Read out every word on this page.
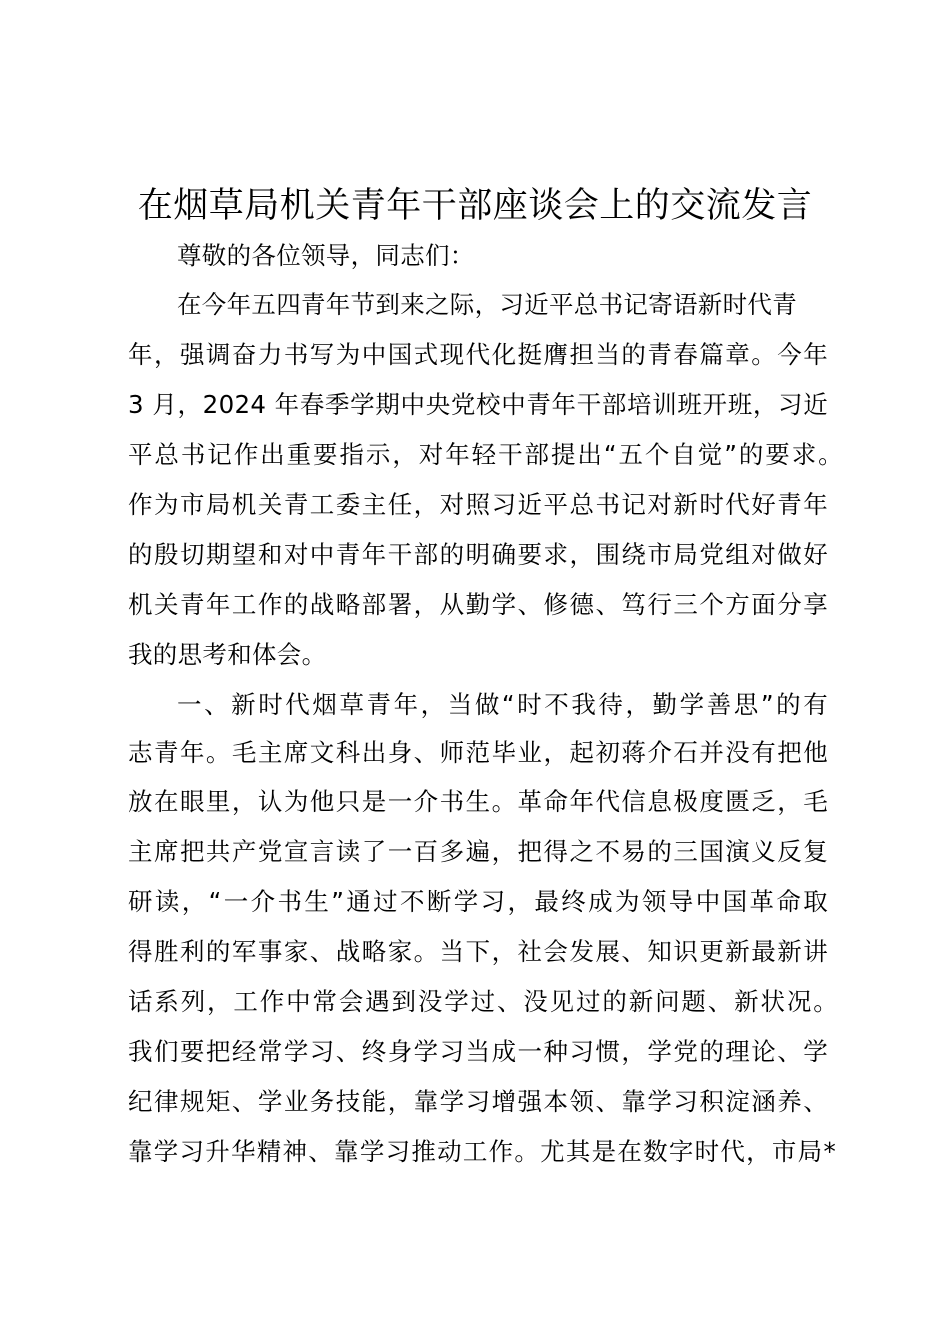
在烟草局机关青年干部座谈会上的交流发言
尊敬的各位领导，同志们：
在今年五四青年节到来之际，习近平总书记寄语新时代青
年，强调奋力书写为中国式现代化挺膺担当的青春篇章。今年
3 月，2024 年春季学期中央党校中青年干部培训班开班，习近
平总书记作出重要指示，对年轻干部提出“五个自觉”的要求。
作为市局机关青工委主任，对照习近平总书记对新时代好青年
的殷切期望和对中青年干部的明确要求，围绕市局党组对做好
机关青年工作的战略部署，从勤学、修德、笃行三个方面分享
我的思考和体会。
一、新时代烟草青年，当做“时不我待，勤学善思”的有
志青年。毛主席文科出身、师范毕业，起初蒋介石并没有把他
放在眼里，认为他只是一介书生。革命年代信息极度匮乏，毛
主席把共产党宣言读了一百多遍，把得之不易的三国演义反复
研读，“一介书生”通过不断学习，最终成为领导中国革命取
得胜利的军事家、战略家。当下，社会发展、知识更新最新讲
话系列，工作中常会遇到没学过、没见过的新问题、新状况。
我们要把经常学习、终身学习当成一种习惯，学党的理论、学
纪律规矩、学业务技能，靠学习增强本领、靠学习积淀涵养、
靠学习升华精神、靠学习推动工作。尤其是在数字时代，市局*
